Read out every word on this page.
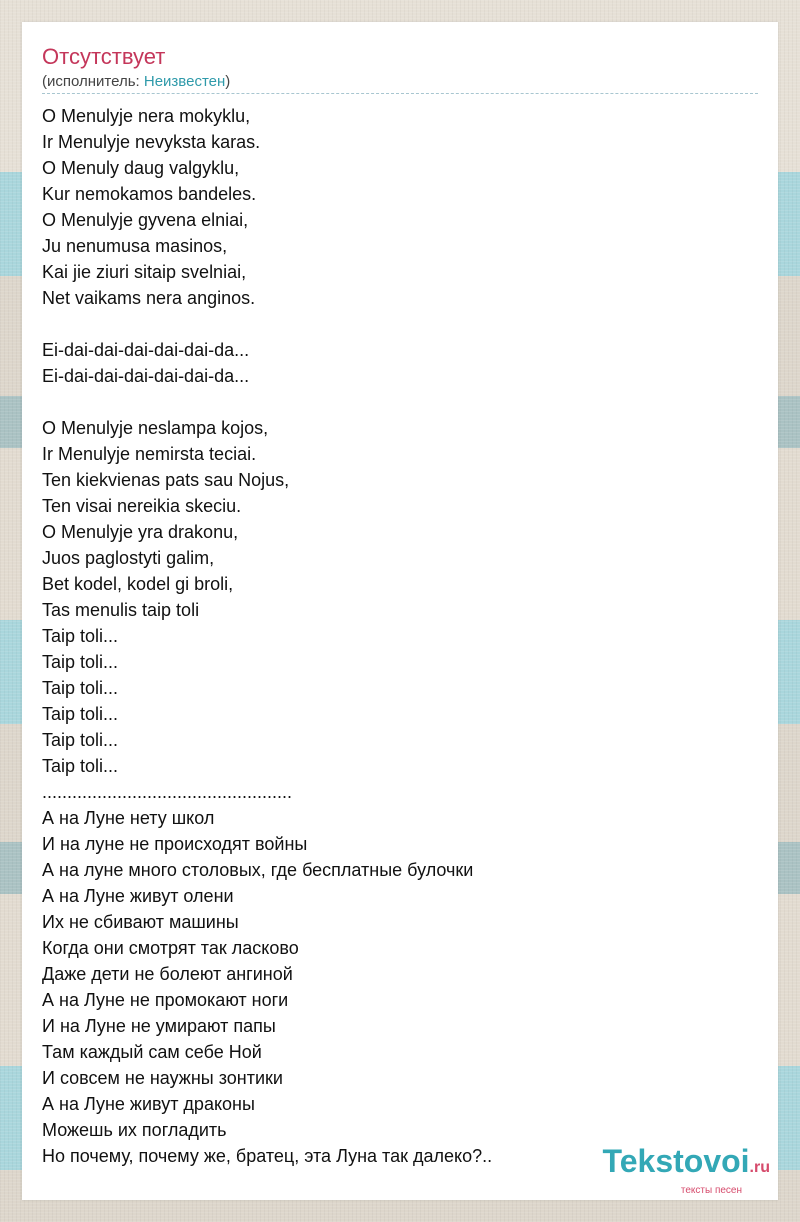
Отсутствует
(исполнитель: Неизвестен)
O Menulyje nera mokyklu,
Ir Menulyje nevyksta karas.
O Menuly daug valgyklu,
Kur nemokamos bandeles.
O Menulyje gyvena elniai,
Ju nenumusa masinos,
Kai jie ziuri sitaip svelniai,
Net vaikams nera anginos.
Ei-dai-dai-dai-dai-dai-da...
Ei-dai-dai-dai-dai-dai-da...
O Menulyje neslampa kojos,
Ir Menulyje nemirsta teciai.
Ten kiekvienas pats sau Nojus,
Ten visai nereikia skeciu.
O Menulyje yra drakonu,
Juos paglostyti galim,
Bet kodel, kodel gi broli,
Tas menulis taip toli
Taip toli...
Taip toli...
Taip toli...
Taip toli...
Taip toli...
Taip toli...
..................................................
А на Луне нету школ
И на луне не происходят войны
А на луне много столовых, где бесплатные булочки
А на Луне живут олени
Их не сбивают машины
Когда они смотрят так ласково
Даже дети не болеют ангиной
А на Луне не промокают ноги
И на Луне не умирают папы
Там каждый сам себе Ной
И совсем не наужны зонтики
А на Луне живут драконы
Можешь их погладить
Но почему, почему же, братец, эта Луна так далеко?..	Tekstovoi.ru
тексты песен
